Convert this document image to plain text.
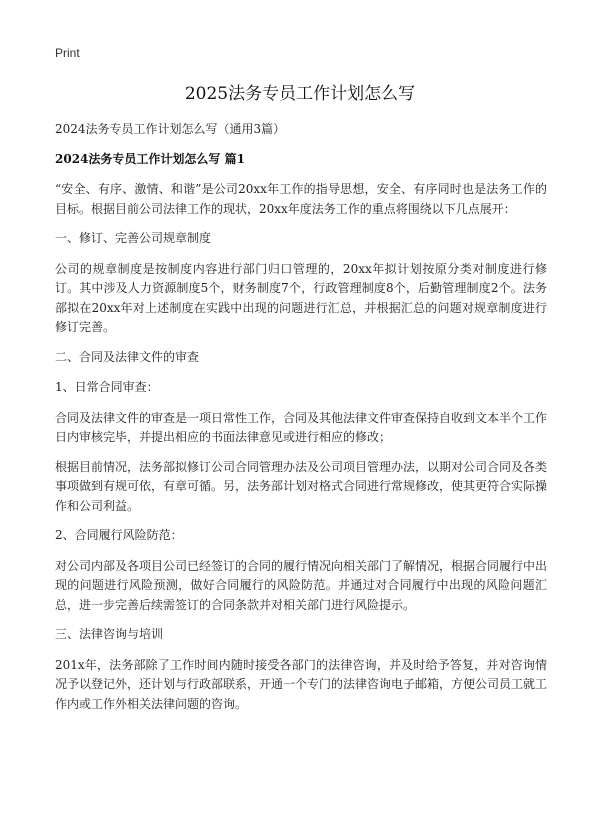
Print
2025法务专员工作计划怎么写

2024法务专员工作计划怎么写（通用3篇）

2024法务专员工作计划怎么写 篇1

“安全、有序、激情、和谐”是公司20xx年工作的指导思想，安全、有序同时也是法务工作的目标。根据目前公司法律工作的现状，20xx年度法务工作的重点将围绕以下几点展开：

一、修订、完善公司规章制度

公司的规章制度是按制度内容进行部门归口管理的，20xx年拟计划按原分类对制度进行修订。其中涉及人力资源制度5个，财务制度7个，行政管理制度8个，后勤管理制度2个。法务部拟在20xx年对上述制度在实践中出现的问题进行汇总，并根据汇总的问题对规章制度进行修订完善。

二、合同及法律文件的审查

1、日常合同审查：

合同及法律文件的审查是一项日常性工作，合同及其他法律文件审查保持自收到文本半个工作日内审核完毕，并提出相应的书面法律意见或进行相应的修改；

根据目前情况，法务部拟修订公司合同管理办法及公司项目管理办法，以期对公司合同及各类事项做到有规可依，有章可循。另，法务部计划对格式合同进行常规修改，使其更符合实际操作和公司利益。

2、合同履行风险防范：

对公司内部及各项目公司已经签订的合同的履行情况向相关部门了解情况，根据合同履行中出现的问题进行风险预测，做好合同履行的风险防范。并通过对合同履行中出现的风险问题汇总，进一步完善后续需签订的合同条款并对相关部门进行风险提示。

三、法律咨询与培训

201x年，法务部除了工作时间内随时接受各部门的法律咨询，并及时给予答复，并对咨询情况予以登记外，还计划与行政部联系，开通一个专门的法律咨询电子邮箱，方便公司员工就工作内或工作外相关法律问题的咨询。
